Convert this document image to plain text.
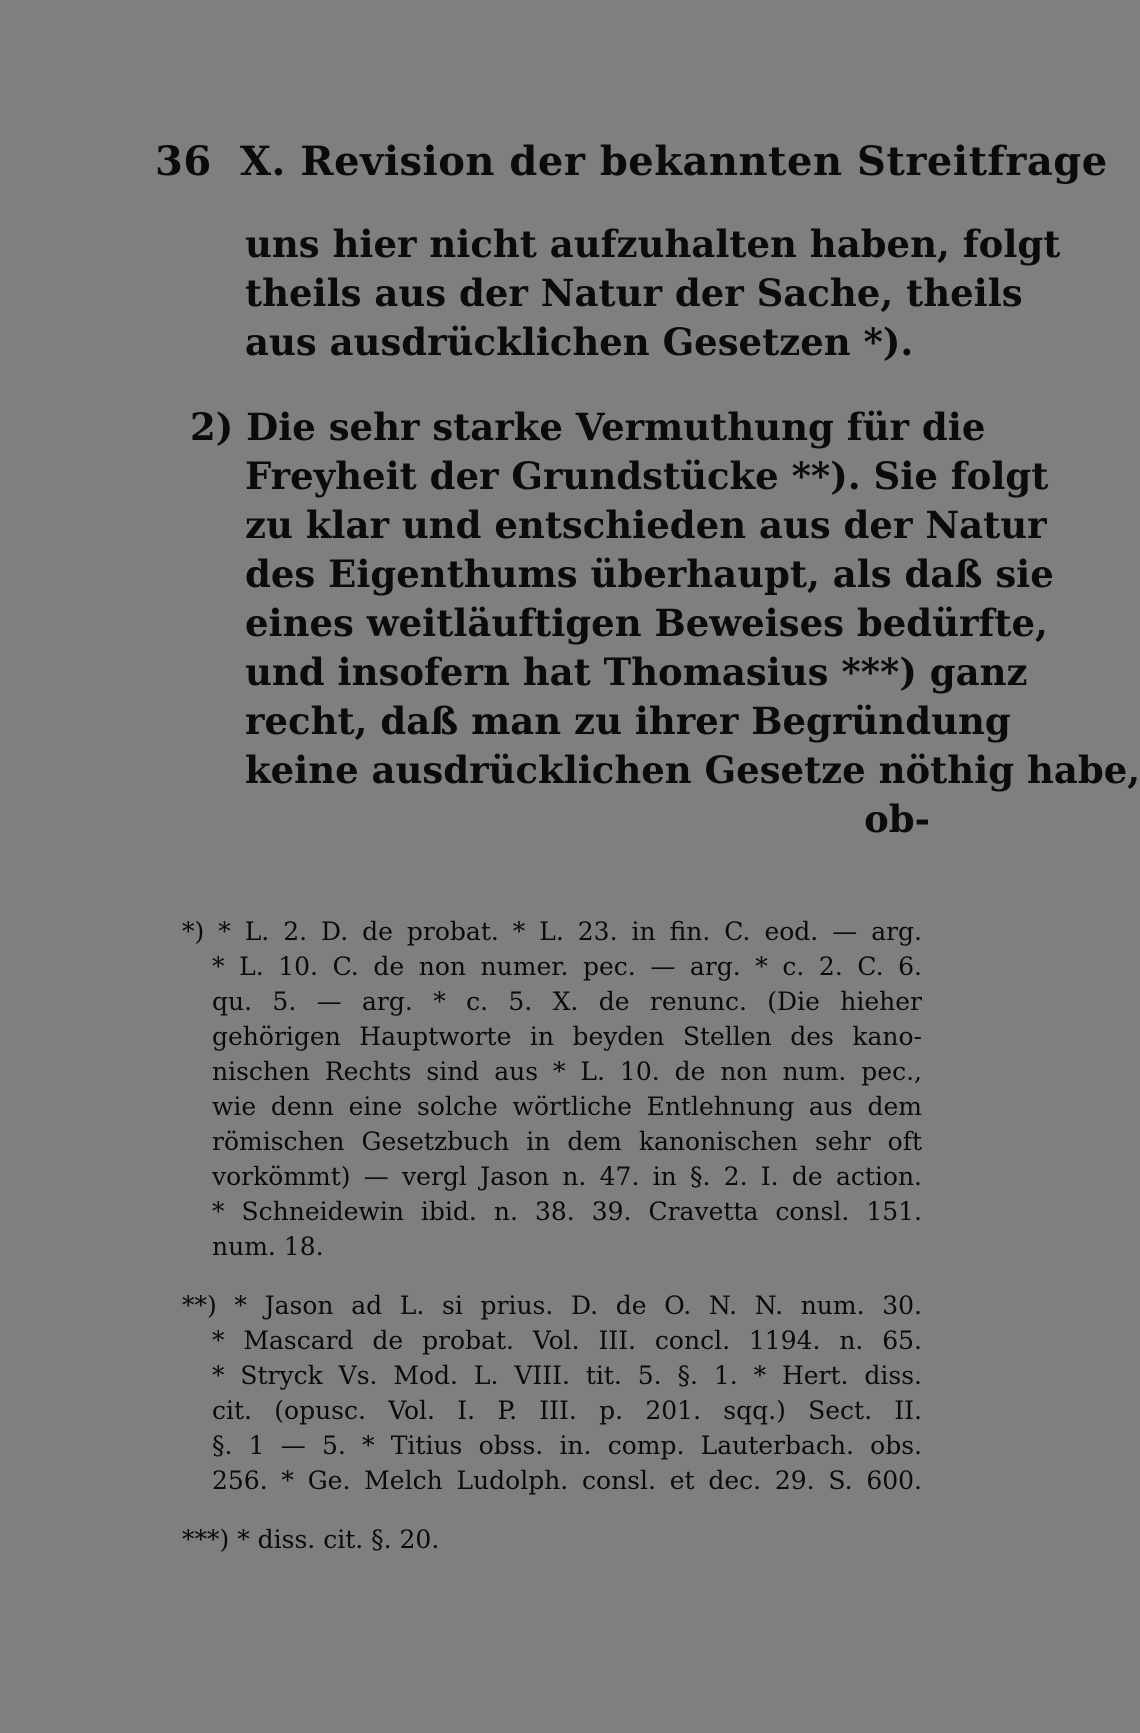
36 X. Revision der bekannten Streitfrage
uns hier nicht aufzuhalten haben, folgt
theils aus der Natur der Sache, theils
aus ausdrücklichen Gesetzen *).
2) Die sehr starke Vermuthung für die
Freyheit der Grundstücke **). Sie folgt
zu klar und entschieden aus der Natur
des Eigenthums überhaupt, als daß sie
eines weitläuftigen Beweises bedürfte,
und insofern hat Thomasius ***) ganz
recht, daß man zu ihrer Begründung
keine ausdrücklichen Gesetze nöthig habe,
ob-
*) * L. 2. D. de probat. * L. 23. in fin. C. eod. — arg.
* L. 10. C. de non numer. pec. — arg. * c. 2. C. 6.
qu. 5. — arg. * c. 5. X. de renunc. (Die hieher
gehörigen Hauptworte in beyden Stellen des kano-
nischen Rechts sind aus * L. 10. de non num. pec.,
wie denn eine solche wörtliche Entlehnung aus dem
römischen Gesetzbuch in dem kanonischen sehr oft
vorkömmt) — vergl Jason n. 47. in §. 2. I. de action.
* Schneidewin ibid. n. 38. 39. Cravetta consl. 151.
num. 18.
**) * Jason ad L. si prius. D. de O. N. N. num. 30.
* Mascard de probat. Vol. III. concl. 1194. n. 65.
* Stryck Vs. Mod. L. VIII. tit. 5. §. 1. * Hert. diss.
cit. (opusc. Vol. I. P. III. p. 201. sqq.) Sect. II.
§. 1 — 5. * Titius obss. in. comp. Lauterbach. obs.
256. * Ge. Melch Ludolph. consl. et dec. 29. S. 600.
***) * diss. cit. §. 20.
